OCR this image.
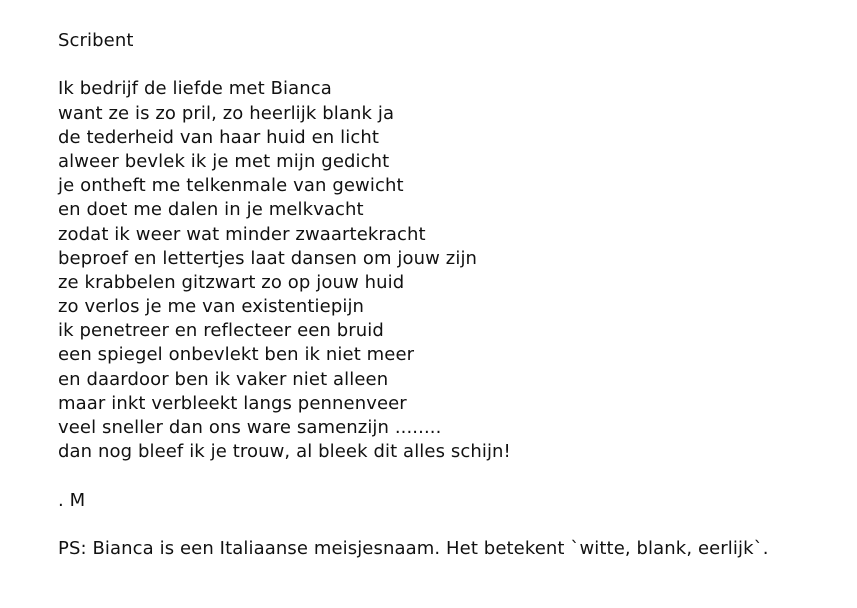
Scribent
Ik bedrijf de liefde met Bianca
want ze is zo pril, zo heerlijk blank ja
de tederheid van haar huid en licht
alweer bevlek ik je met mijn gedicht
je ontheft me telkenmale van gewicht
en doet me dalen in je melkvacht
zodat ik weer wat minder zwaartekracht
beproef en lettertjes laat dansen om jouw zijn
ze krabbelen gitzwart zo op jouw huid
zo verlos je me van existentiepijn
ik penetreer en reflecteer een bruid
een spiegel onbevlekt ben ik niet meer
en daardoor ben ik vaker niet alleen
maar inkt verbleekt langs pennenveer
veel sneller dan ons ware samenzijn ........
dan nog bleef ik je trouw, al bleek dit alles schijn!
. M
PS: Bianca is een Italiaanse meisjesnaam. Het betekent `witte, blank, eerlijk`.
